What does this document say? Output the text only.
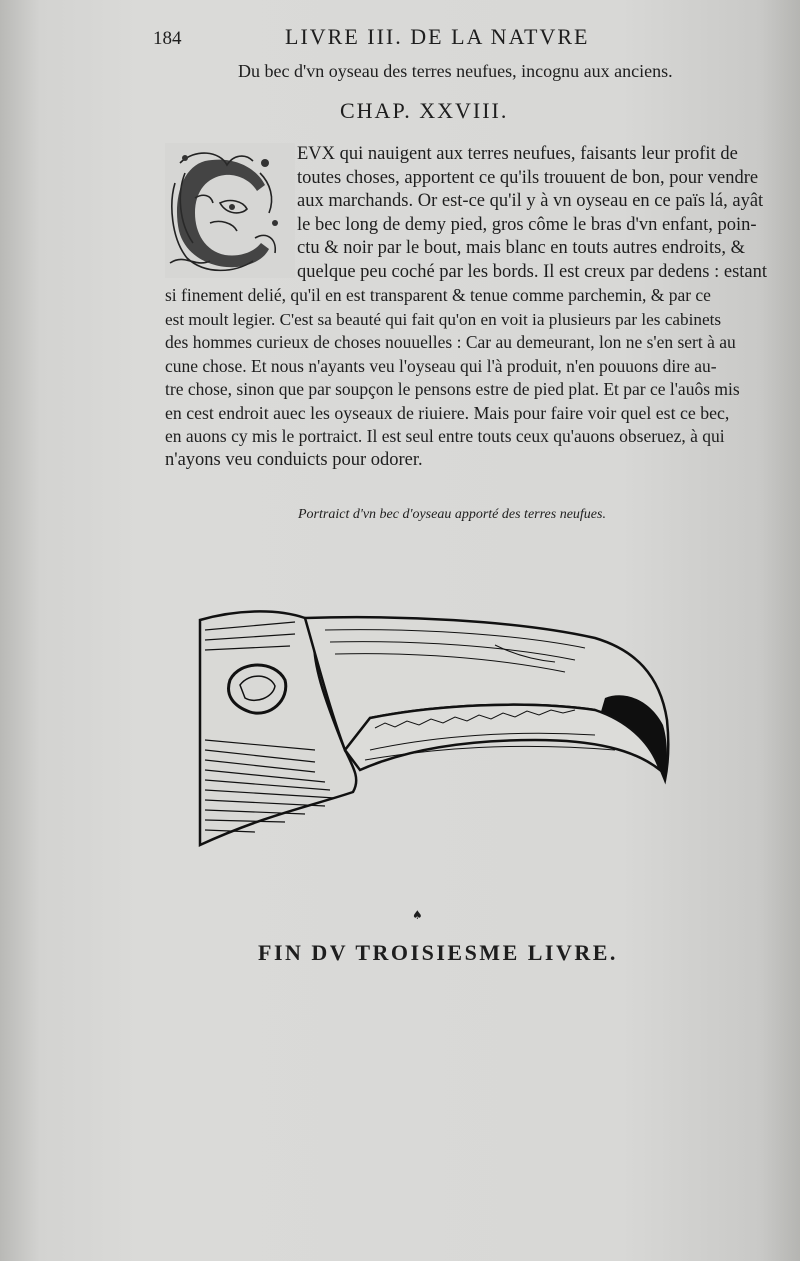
184	LIVRE III. DE LA NATVRE
Du bec d'vn oyseau des terres neufues, incognu aux anciens.
CHAP. XXVIII.
EVX qui nauigent aux terres neufues, faisants leur profit de
toutes choses, apportent ce qu'ils trouuent de bon, pour vendre
aux marchands. Or est-ce qu'il y à vn oyseau en ce païs lá, ayât
le bec long de demy pied, gros côme le bras d'vn enfant, poin-
ctu & noir par le bout, mais blanc en touts autres endroits, &
quelque peu coché par les bords. Il est creux par dedens : estant
si finement delié, qu'il en est transparent & tenue comme parchemin, & par ce
est moult legier. C'est sa beauté qui fait qu'on en voit ia plusieurs par les cabinets
des hommes curieux de choses nouuelles : Car au demeurant, lon ne s'en sert à au
cune chose. Et nous n'ayants veu l'oyseau qui l'à produit, n'en pouuons dire au-
tre chose, sinon que par soupçon le pensons estre de pied plat. Et par ce l'auôs mis
en cest endroit auec les oyseaux de riuiere. Mais pour faire voir quel est ce bec,
en auons cy mis le portraict. Il est seul entre touts ceux qu'auons obseruez, à qui
n'ayons veu conduicts pour odorer.
Portraict d'vn bec d'oyseau apporté des terres neufues.
♠
FIN DV TROISIESME LIVRE.
